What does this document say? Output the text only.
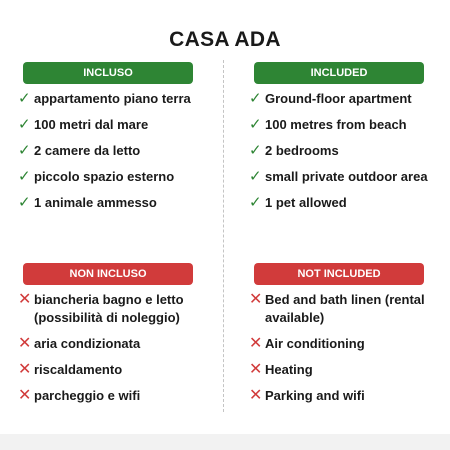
CASA ADA
INCLUSO
✓ appartamento piano terra
✓ 100 metri dal mare
✓ 2 camere da letto
✓ piccolo spazio esterno
✓ 1 animale ammesso
INCLUDED
✓ Ground-floor apartment
✓ 100 metres from beach
✓ 2 bedrooms
✓ small private outdoor area
✓ 1 pet allowed
NON INCLUSO
✕ biancheria bagno e letto (possibilità di noleggio)
✕ aria condizionata
✕ riscaldamento
✕ parcheggio e wifi
NOT INCLUDED
✕ Bed and bath linen (rental available)
✕ Air conditioning
✕ Heating
✕ Parking and wifi
